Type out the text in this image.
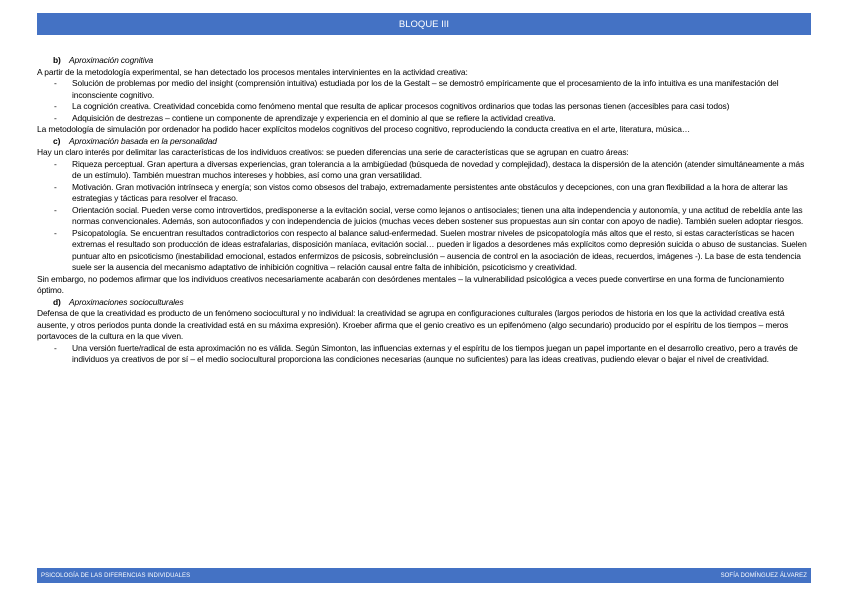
BLOQUE III

b) Aproximación cognitiva

A partir de la metodología experimental, se han detectado los procesos mentales intervinientes en la actividad creativa:

- Solución de problemas por medio del insight (comprensión intuitiva) estudiada por los de la Gestalt – se demostró empíricamente que el procesamiento de la info intuitiva es una manifestación del inconsciente cognitivo.
- La cognición creativa. Creatividad concebida como fenómeno mental que resulta de aplicar procesos cognitivos ordinarios que todas las personas tienen (accesibles para casi todos)
- Adquisición de destrezas – contiene un componente de aprendizaje y experiencia en el dominio al que se refiere la actividad creativa.

La metodología de simulación por ordenador ha podido hacer explícitos modelos cognitivos del proceso cognitivo, reproduciendo la conducta creativa en el arte, literatura, música…

c) Aproximación basada en la personalidad

Hay un claro interés por delimitar las características de los individuos creativos: se pueden diferencias una serie de características que se agrupan en cuatro áreas:

- Riqueza perceptual. Gran apertura a diversas experiencias, gran tolerancia a la ambigüedad (búsqueda de novedad y complejidad), destaca la dispersión de la atención (atender simultáneamente a más de un estímulo). También muestran muchos intereses y hobbies, así como una gran versatilidad.
- Motivación. Gran motivación intrínseca y energía; son vistos como obsesos del trabajo, extremadamente persistentes ante obstáculos y decepciones, con una gran flexibilidad a la hora de alterar las estrategias y tácticas para resolver el fracaso.
- Orientación social. Pueden verse como introvertidos, predisponerse a la evitación social, verse como lejanos o antisociales; tienen una alta independencia y autonomía, y una actitud de rebeldía ante las normas convencionales. Además, son autoconfiados y con independencia de juicios (muchas veces deben sostener sus propuestas aun sin contar con apoyo de nadie). También suelen adoptar riesgos.
- Psicopatología. Se encuentran resultados contradictorios con respecto al balance salud-enfermedad. Suelen mostrar niveles de psicopatología más altos que el resto, si estas características se hacen extremas el resultado son producción de ideas estrafalarias, disposición maníaca, evitación social… pueden ir ligados a desordenes más explícitos como depresión suicida o abuso de sustancias. Suelen puntuar alto en psicoticismo (inestabilidad emocional, estados enfermizos de psicosis, sobreinclusión – ausencia de control en la asociación de ideas, recuerdos, imágenes -). La base de esta tendencia suele ser la ausencia del mecanismo adaptativo de inhibición cognitiva – relación causal entre falta de inhibición, psicoticismo y creatividad.

Sin embargo, no podemos afirmar que los individuos creativos necesariamente acabarán con desórdenes mentales – la vulnerabilidad psicológica a veces puede convertirse en una forma de funcionamiento óptimo.

d) Aproximaciones socioculturales

Defensa de que la creatividad es producto de un fenómeno sociocultural y no individual: la creatividad se agrupa en configuraciones culturales (largos periodos de historia en los que la actividad creativa está ausente, y otros periodos punta donde la creatividad está en su máxima expresión). Kroeber afirma que el genio creativo es un epifenómeno (algo secundario) producido por el espíritu de los tiempos – meros portavoces de la cultura en la que viven.

- Una versión fuerte/radical de esta aproximación no es válida. Según Simonton, las influencias externas y el espíritu de los tiempos juegan un papel importante en el desarrollo creativo, pero a través de individuos ya creativos de por sí – el medio sociocultural proporciona las condiciones necesarias (aunque no suficientes) para las ideas creativas, pudiendo elevar o bajar el nivel de creatividad.
PSICOLOGÍA DE LAS DIFERENCIAS INDIVIDUALES	SOFÍA DOMÍNGUEZ ÁLVAREZ
